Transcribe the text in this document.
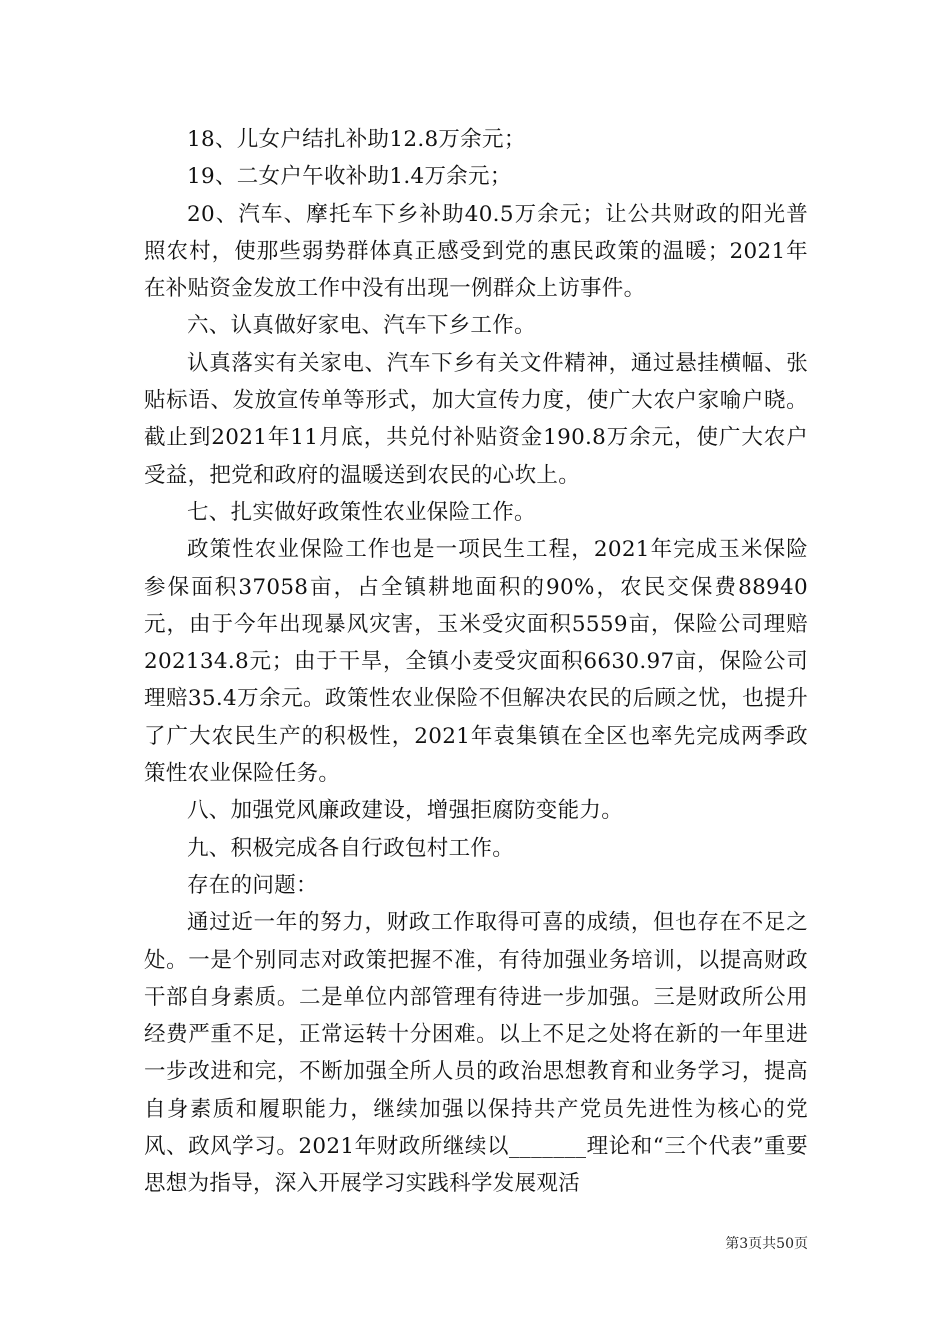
18、儿女户结扎补助12.8万余元；

19、二女户午收补助1.4万余元；

20、汽车、摩托车下乡补助40.5万余元；让公共财政的阳光普照农村，使那些弱势群体真正感受到党的惠民政策的温暖；2021年在补贴资金发放工作中没有出现一例群众上访事件。

六、认真做好家电、汽车下乡工作。

认真落实有关家电、汽车下乡有关文件精神，通过悬挂横幅、张贴标语、发放宣传单等形式，加大宣传力度，使广大农户家喻户晓。截止到2021年11月底，共兑付补贴资金190.8万余元，使广大农户受益，把党和政府的温暖送到农民的心坎上。

七、扎实做好政策性农业保险工作。

政策性农业保险工作也是一项民生工程，2021年完成玉米保险参保面积37058亩，占全镇耕地面积的90%，农民交保费88940元，由于今年出现暴风灾害，玉米受灾面积5559亩，保险公司理赔202134.8元；由于干旱，全镇小麦受灾面积6630.97亩，保险公司理赔35.4万余元。政策性农业保险不但解决农民的后顾之忧，也提升了广大农民生产的积极性，2021年袁集镇在全区也率先完成两季政策性农业保险任务。

八、加强党风廉政建设，增强拒腐防变能力。

九、积极完成各自行政包村工作。

存在的问题：

通过近一年的努力，财政工作取得可喜的成绩，但也存在不足之处。一是个别同志对政策把握不准，有待加强业务培训，以提高财政干部自身素质。二是单位内部管理有待进一步加强。三是财政所公用经费严重不足，正常运转十分困难。以上不足之处将在新的一年里进一步改进和完，不断加强全所人员的政治思想教育和业务学习，提高自身素质和履职能力，继续加强以保持共产党员先进性为核心的党风、政风学习。2021年财政所继续以_______理论和“三个代表”重要思想为指导，深入开展学习实践科学发展观活

第3页共50页
